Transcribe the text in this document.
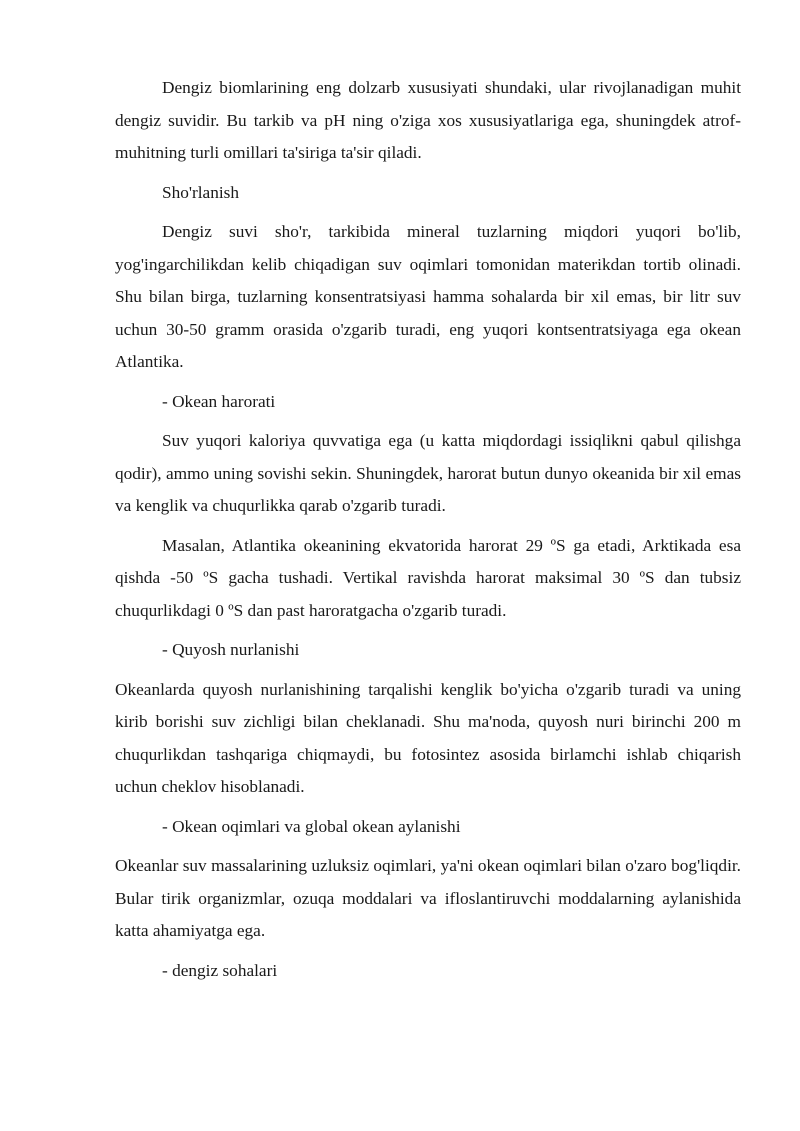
Dengiz biomlarining eng dolzarb xususiyati shundaki, ular rivojlanadigan muhit dengiz suvidir. Bu tarkib va pH ning o'ziga xos xususiyatlariga ega, shuningdek atrof-muhitning turli omillari ta'siriga ta'sir qiladi.

Sho'rlanish

Dengiz suvi sho'r, tarkibida mineral tuzlarning miqdori yuqori bo'lib, yog'ingarchilikdan kelib chiqadigan suv oqimlari tomonidan materikdan tortib olinadi. Shu bilan birga, tuzlarning konsentratsiyasi hamma sohalarda bir xil emas, bir litr suv uchun 30-50 gramm orasida o'zgarib turadi, eng yuqori kontsentratsiyaga ega okean Atlantika.

- Okean harorati

Suv yuqori kaloriya quvvatiga ega (u katta miqdordagi issiqlikni qabul qilishga qodir), ammo uning sovishi sekin. Shuningdek, harorat butun dunyo okeanida bir xil emas va kenglik va chuqurlikka qarab o'zgarib turadi.

Masalan, Atlantika okeanining ekvatorida harorat 29 ºS ga etadi, Arktikada esa qishda -50 ºS gacha tushadi. Vertikal ravishda harorat maksimal 30 ºS dan tubsiz chuqurlikdagi 0 ºS dan past haroratgacha o'zgarib turadi.

- Quyosh nurlanishi

Okeanlarda quyosh nurlanishining tarqalishi kenglik bo'yicha o'zgarib turadi va uning kirib borishi suv zichligi bilan cheklanadi. Shu ma'noda, quyosh nuri birinchi 200 m chuqurlikdan tashqariga chiqmaydi, bu fotosintez asosida birlamchi ishlab chiqarish uchun cheklov hisoblanadi.

- Okean oqimlari va global okean aylanishi

Okeanlar suv massalarining uzluksiz oqimlari, ya'ni okean oqimlari bilan o'zaro bog'liqdir. Bular tirik organizmlar, ozuqa moddalari va ifloslantiruvchi moddalarning aylanishida katta ahamiyatga ega.

- dengiz sohalari
